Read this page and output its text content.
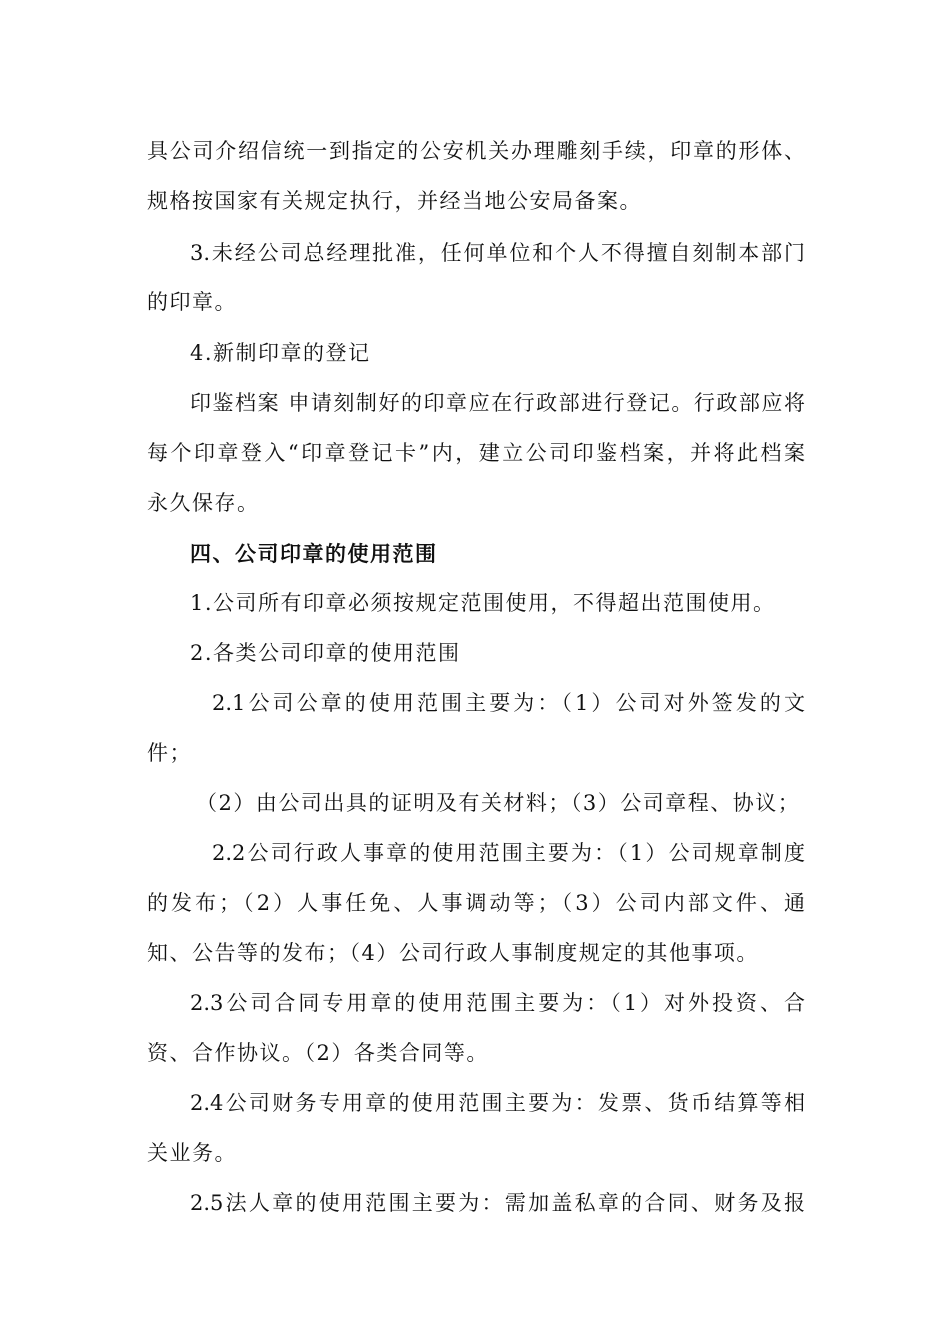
具公司介绍信统一到指定的公安机关办理雕刻手续，印章的形体、
规格按国家有关规定执行，并经当地公安局备案。
3.未经公司总经理批准，任何单位和个人不得擅自刻制本部门
的印章。
4.新制印章的登记
印鉴档案 申请刻制好的印章应在行政部进行登记。行政部应将
每个印章登入“印章登记卡”内，建立公司印鉴档案，并将此档案
永久保存。
四、公司印章的使用范围
1.公司所有印章必须按规定范围使用，不得超出范围使用。
2.各类公司印章的使用范围
2.1公司公章的使用范围主要为：（1）公司对外签发的文
件；
（2）由公司出具的证明及有关材料；（3）公司章程、协议；
2.2公司行政人事章的使用范围主要为：（1）公司规章制度
的发布；（2）人事任免、人事调动等；（3）公司内部文件、通
知、公告等的发布；（4）公司行政人事制度规定的其他事项。
2.3公司合同专用章的使用范围主要为：（1）对外投资、合
资、合作协议。（2）各类合同等。
2.4公司财务专用章的使用范围主要为：发票、货币结算等相
关业务。
2.5法人章的使用范围主要为：需加盖私章的合同、财务及报
